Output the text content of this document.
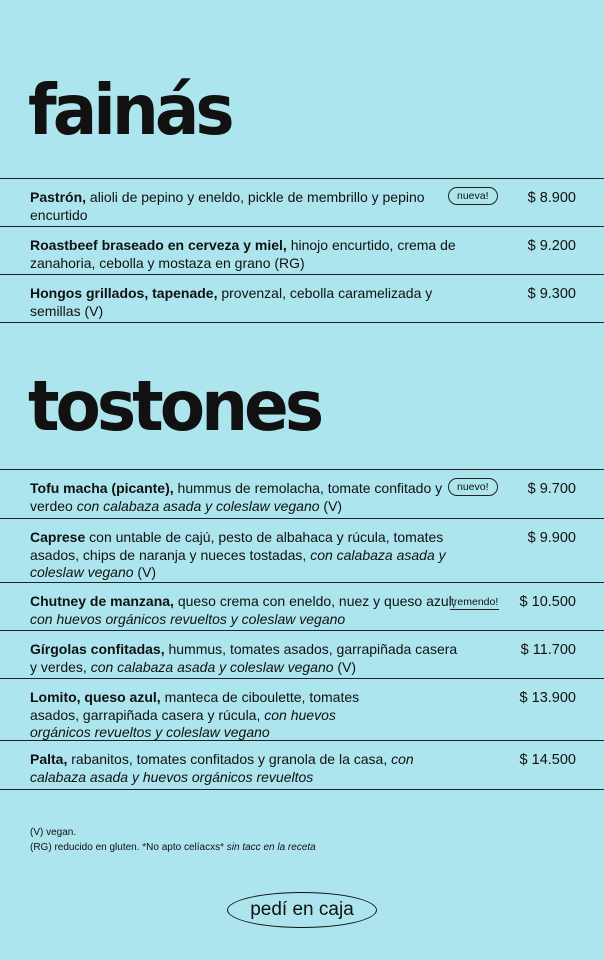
fainás
Pastrón, alioli de pepino y eneldo, pickle de membrillo y pepino encurtido
nueva!	$ 8.900
Roastbeef braseado en cerveza y miel, hinojo encurtido, crema de zanahoria, cebolla y mostaza en grano (RG)
$ 9.200
Hongos grillados, tapenade, provenzal, cebolla caramelizada y semillas (V)
$ 9.300
tostones
Tofu macha (picante), hummus de remolacha, tomate confitado y verdeo con calabaza asada y coleslaw vegano (V)
nuevo!	$ 9.700
Caprese con untable de cajú, pesto de albahaca y rúcula, tomates asados, chips de naranja y nueces tostadas, con calabaza asada y coleslaw vegano (V)
$ 9.900
Chutney de manzana, queso crema con eneldo, nuez y queso azul, con huevos orgánicos revueltos y coleslaw vegano
tremendo! $ 10.500
Gírgolas confitadas, hummus, tomates asados, garrapiñada casera y verdes, con calabaza asada y coleslaw vegano (V)
$ 11.700
Lomito, queso azul, manteca de ciboulette, tomates asados, garrapiñada casera y rúcula, con huevos orgánicos revueltos y coleslaw vegano
$ 13.900
Palta, rabanitos, tomates confitados y granola de la casa, con calabaza asada y huevos orgánicos revueltos
$ 14.500
(V) vegan.
(RG) reducido en gluten. *No apto celíacxs* sin tacc en la receta
pedí en caja
